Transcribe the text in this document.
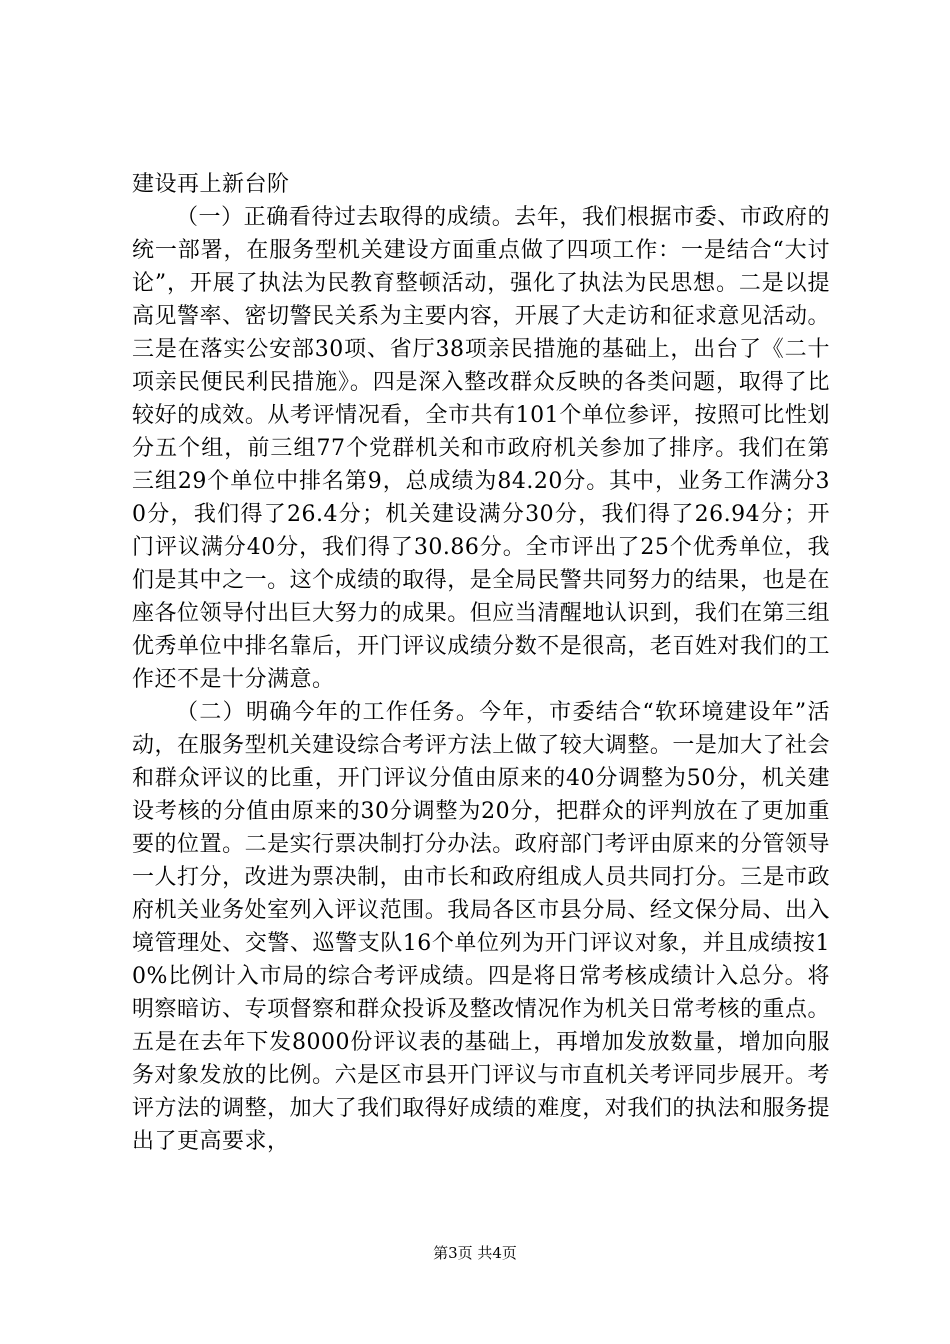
建设再上新台阶

（一）正确看待过去取得的成绩。去年，我们根据市委、市政府的统一部署，在服务型机关建设方面重点做了四项工作：一是结合“大讨论”，开展了执法为民教育整顿活动，强化了执法为民思想。二是以提高见警率、密切警民关系为主要内容，开展了大走访和征求意见活动。三是在落实公安部30项、省厅38项亲民措施的基础上，出台了《二十项亲民便民利民措施》。四是深入整改群众反映的各类问题，取得了比较好的成效。从考评情况看，全市共有101个单位参评，按照可比性划分五个组，前三组77个党群机关和市政府机关参加了排序。我们在第三组29个单位中排名第9，总成绩为84.20分。其中，业务工作满分30分，我们得了26.4分；机关建设满分30分，我们得了26.94分；开门评议满分40分，我们得了30.86分。全市评出了25个优秀单位，我们是其中之一。这个成绩的取得，是全局民警共同努力的结果，也是在座各位领导付出巨大努力的成果。但应当清醒地认识到，我们在第三组优秀单位中排名靠后，开门评议成绩分数不是很高，老百姓对我们的工作还不是十分满意。

（二）明确今年的工作任务。今年，市委结合“软环境建设年”活动，在服务型机关建设综合考评方法上做了较大调整。一是加大了社会和群众评议的比重，开门评议分值由原来的40分调整为50分，机关建设考核的分值由原来的30分调整为20分，把群众的评判放在了更加重要的位置。二是实行票决制打分办法。政府部门考评由原来的分管领导一人打分，改进为票决制，由市长和政府组成人员共同打分。三是市政府机关业务处室列入评议范围。我局各区市县分局、经文保分局、出入境管理处、交警、巡警支队16个单位列为开门评议对象，并且成绩按10%比例计入市局的综合考评成绩。四是将日常考核成绩计入总分。将明察暗访、专项督察和群众投诉及整改情况作为机关日常考核的重点。五是在去年下发8000份评议表的基础上，再增加发放数量，增加向服务对象发放的比例。六是区市县开门评议与市直机关考评同步展开。考评方法的调整，加大了我们取得好成绩的难度，对我们的执法和服务提出了更高要求，

第3页 共4页
